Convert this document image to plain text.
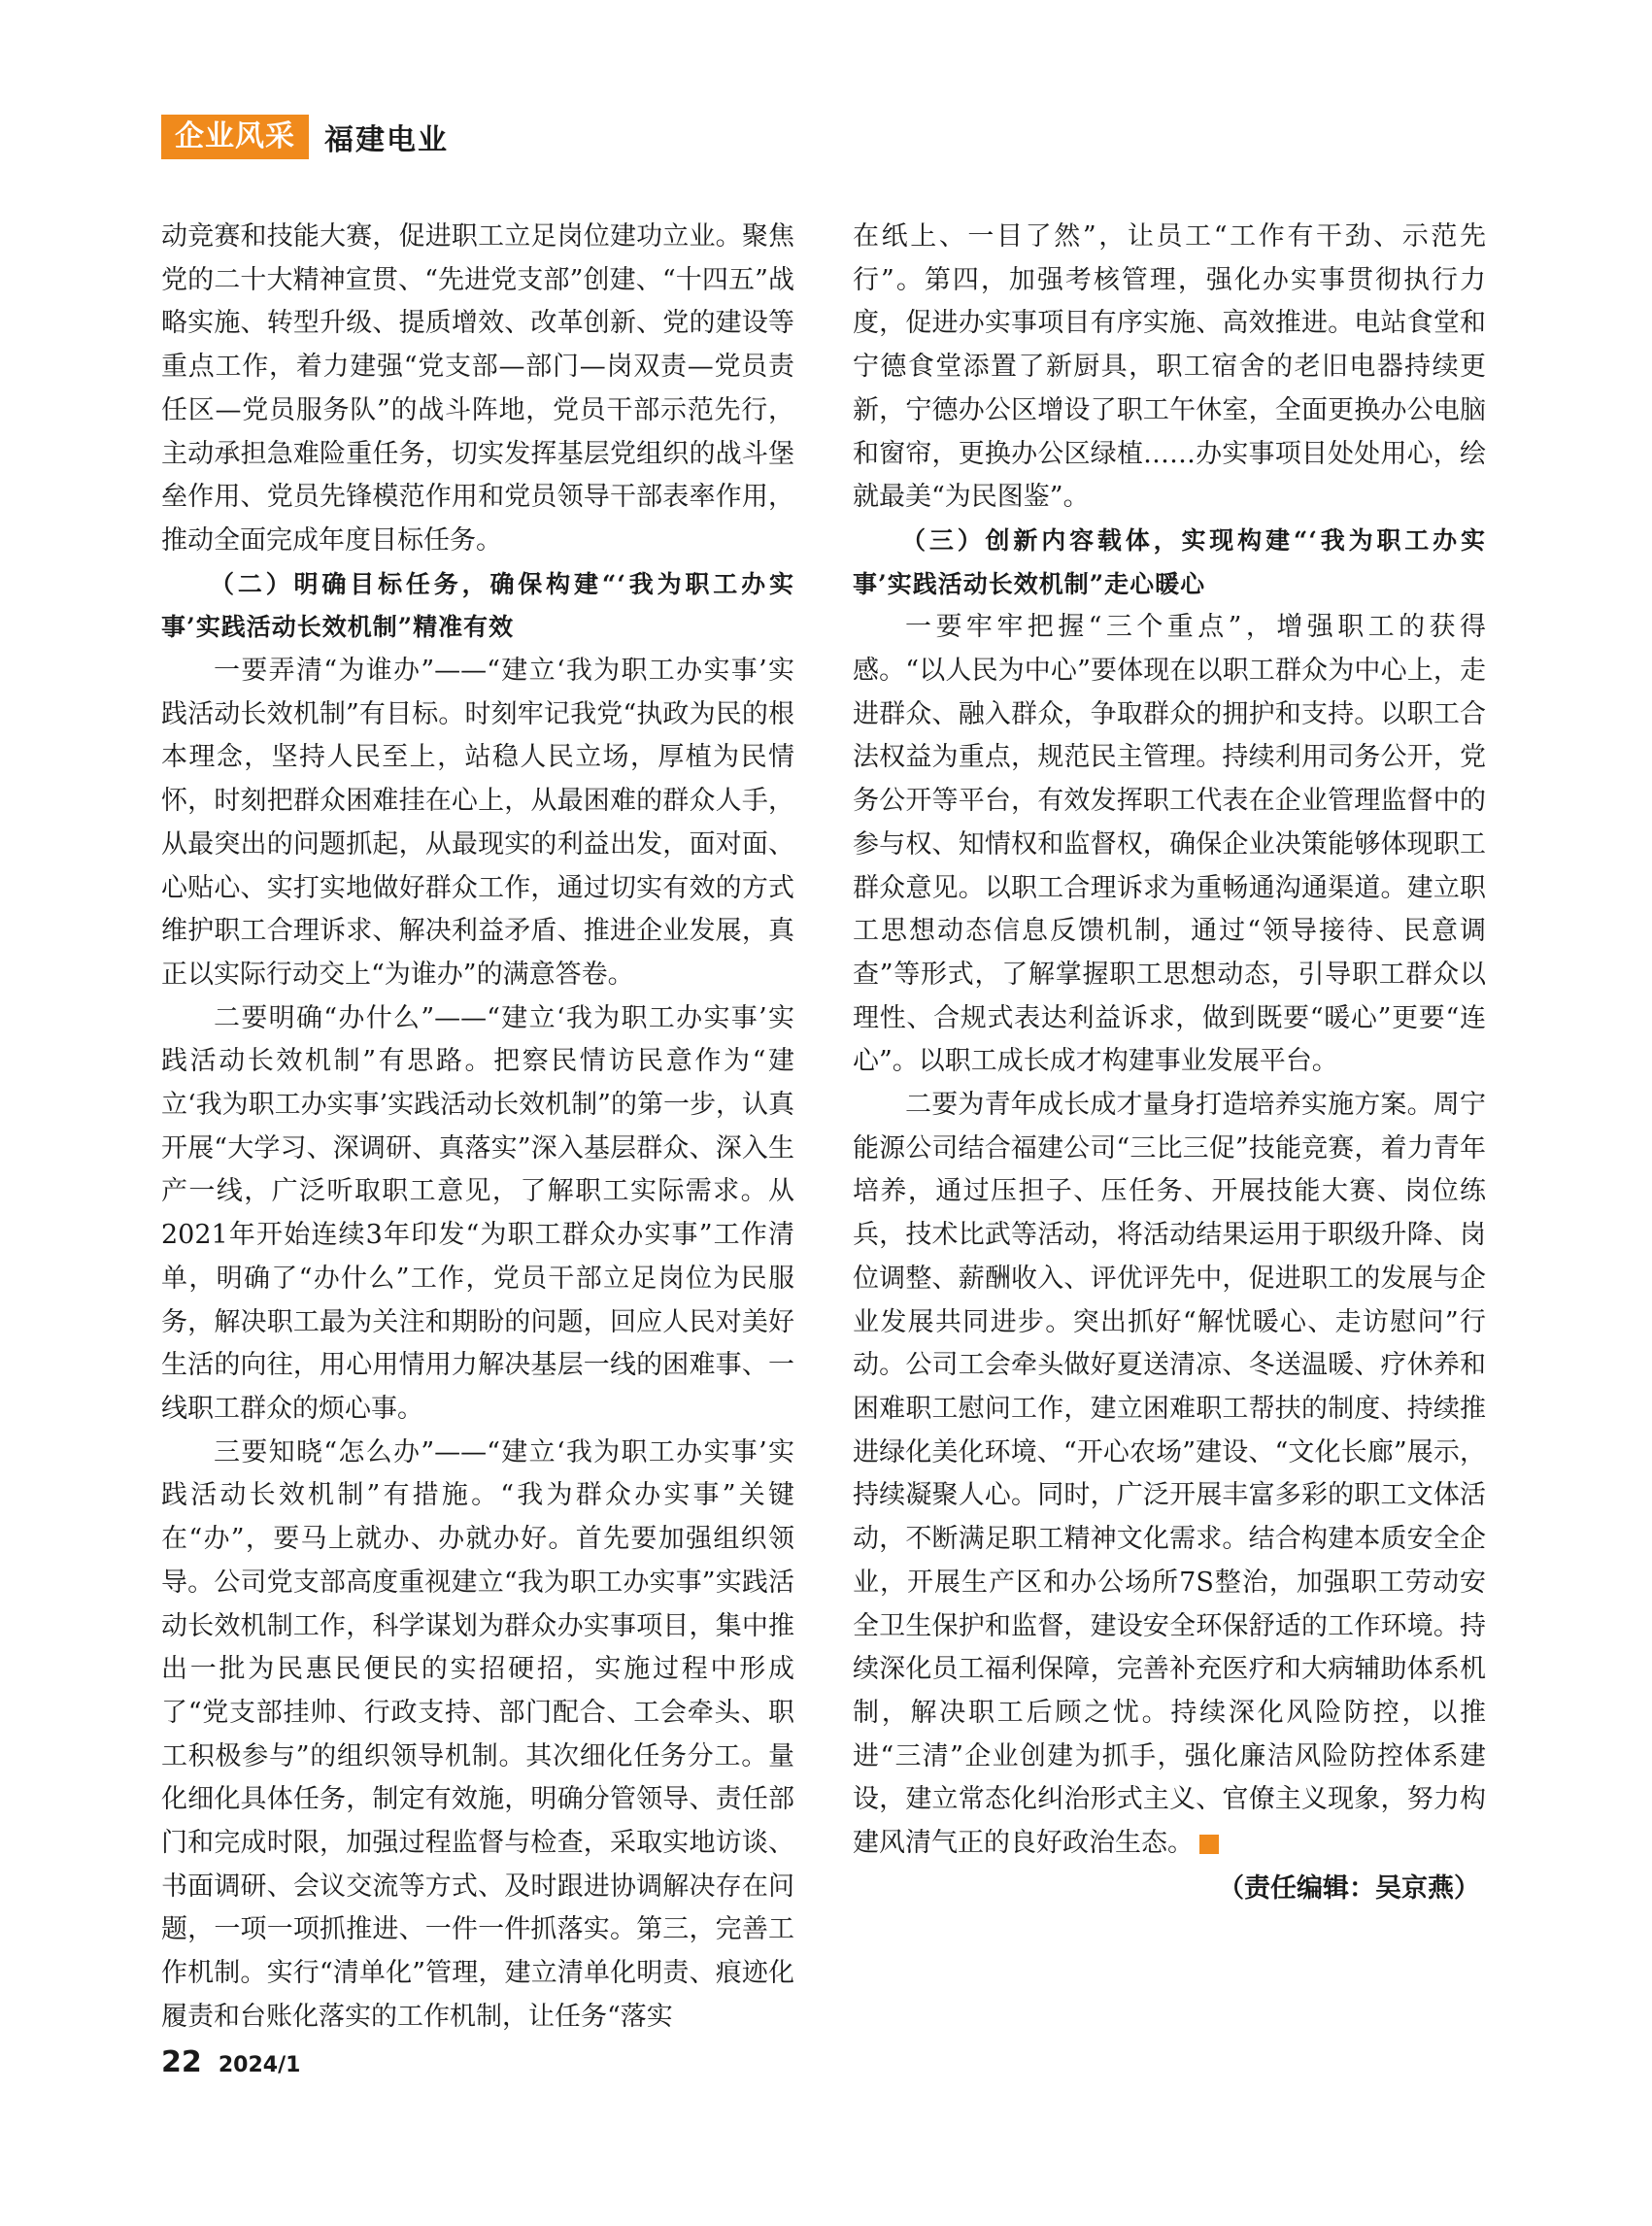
企业风采	福建电业

动竞赛和技能大赛，促进职工立足岗位建功立业。聚焦党的二十大精神宣贯、“先进党支部”创建、“十四五”战略实施、转型升级、提质增效、改革创新、党的建设等重点工作，着力建强“党支部—部门—岗双责—党员责任区—党员服务队”的战斗阵地，党员干部示范先行，主动承担急难险重任务，切实发挥基层党组织的战斗堡垒作用、党员先锋模范作用和党员领导干部表率作用，推动全面完成年度目标任务。

（二）明确目标任务，确保构建“‘我为职工办实事’实践活动长效机制”精准有效

一要弄清“为谁办”——“建立‘我为职工办实事’实践活动长效机制”有目标。时刻牢记我党“执政为民的根本理念，坚持人民至上，站稳人民立场，厚植为民情怀，时刻把群众困难挂在心上，从最困难的群众人手，从最突出的问题抓起，从最现实的利益出发，面对面、心贴心、实打实地做好群众工作，通过切实有效的方式维护职工合理诉求、解决利益矛盾、推进企业发展，真正以实际行动交上“为谁办”的满意答卷。

二要明确“办什么”——“建立‘我为职工办实事’实践活动长效机制”有思路。把察民情访民意作为“建立‘我为职工办实事’实践活动长效机制”的第一步，认真开展“大学习、深调研、真落实”深入基层群众、深入生产一线，广泛听取职工意见，了解职工实际需求。从2021年开始连续3年印发“为职工群众办实事”工作清单，明确了“办什么”工作，党员干部立足岗位为民服务，解决职工最为关注和期盼的问题，回应人民对美好生活的向往，用心用情用力解决基层一线的困难事、一线职工群众的烦心事。

三要知晓“怎么办”——“建立‘我为职工办实事’实践活动长效机制”有措施。“我为群众办实事”关键在“办”，要马上就办、办就办好。首先要加强组织领导。公司党支部高度重视建立“我为职工办实事”实践活动长效机制工作，科学谋划为群众办实事项目，集中推出一批为民惠民便民的实招硬招，实施过程中形成了“党支部挂帅、行政支持、部门配合、工会牵头、职工积极参与”的组织领导机制。其次细化任务分工。量化细化具体任务，制定有效施，明确分管领导、责任部门和完成时限，加强过程监督与检查，采取实地访谈、书面调研、会议交流等方式、及时跟进协调解决存在问题，一项一项抓推进、一件一件抓落实。第三，完善工作机制。实行“清单化”管理，建立清单化明责、痕迹化履责和台账化落实的工作机制，让任务“落实

在纸上、一目了然”，让员工“工作有干劲、示范先行”。第四，加强考核管理，强化办实事贯彻执行力度，促进办实事项目有序实施、高效推进。电站食堂和宁德食堂添置了新厨具，职工宿舍的老旧电器持续更新，宁德办公区增设了职工午休室，全面更换办公电脑和窗帘，更换办公区绿植……办实事项目处处用心，绘就最美“为民图鉴”。

（三）创新内容载体，实现构建“‘我为职工办实事’实践活动长效机制”走心暖心

一要牢牢把握“三个重点”，增强职工的获得感。“以人民为中心”要体现在以职工群众为中心上，走进群众、融入群众，争取群众的拥护和支持。以职工合法权益为重点，规范民主管理。持续利用司务公开，党务公开等平台，有效发挥职工代表在企业管理监督中的参与权、知情权和监督权，确保企业决策能够体现职工群众意见。以职工合理诉求为重畅通沟通渠道。建立职工思想动态信息反馈机制，通过“领导接待、民意调查”等形式，了解掌握职工思想动态，引导职工群众以理性、合规式表达利益诉求，做到既要“暖心”更要“连心”。以职工成长成才构建事业发展平台。

二要为青年成长成才量身打造培养实施方案。周宁能源公司结合福建公司“三比三促”技能竞赛，着力青年培养，通过压担子、压任务、开展技能大赛、岗位练兵，技术比武等活动，将活动结果运用于职级升降、岗位调整、薪酬收入、评优评先中，促进职工的发展与企业发展共同进步。突出抓好“解忧暖心、走访慰问”行动。公司工会牵头做好夏送清凉、冬送温暖、疗休养和困难职工慰问工作，建立困难职工帮扶的制度、持续推进绿化美化环境、“开心农场”建设、“文化长廊”展示，持续凝聚人心。同时，广泛开展丰富多彩的职工文体活动，不断满足职工精神文化需求。结合构建本质安全企业，开展生产区和办公场所7S整治，加强职工劳动安全卫生保护和监督，建设安全环保舒适的工作环境。持续深化员工福利保障，完善补充医疗和大病辅助体系机制，解决职工后顾之忧。持续深化风险防控，以推进“三清”企业创建为抓手，强化廉洁风险防控体系建设，建立常态化纠治形式主义、官僚主义现象，努力构建风清气正的良好政治生态。

（责任编辑：吴京燕）
22 2024/1
